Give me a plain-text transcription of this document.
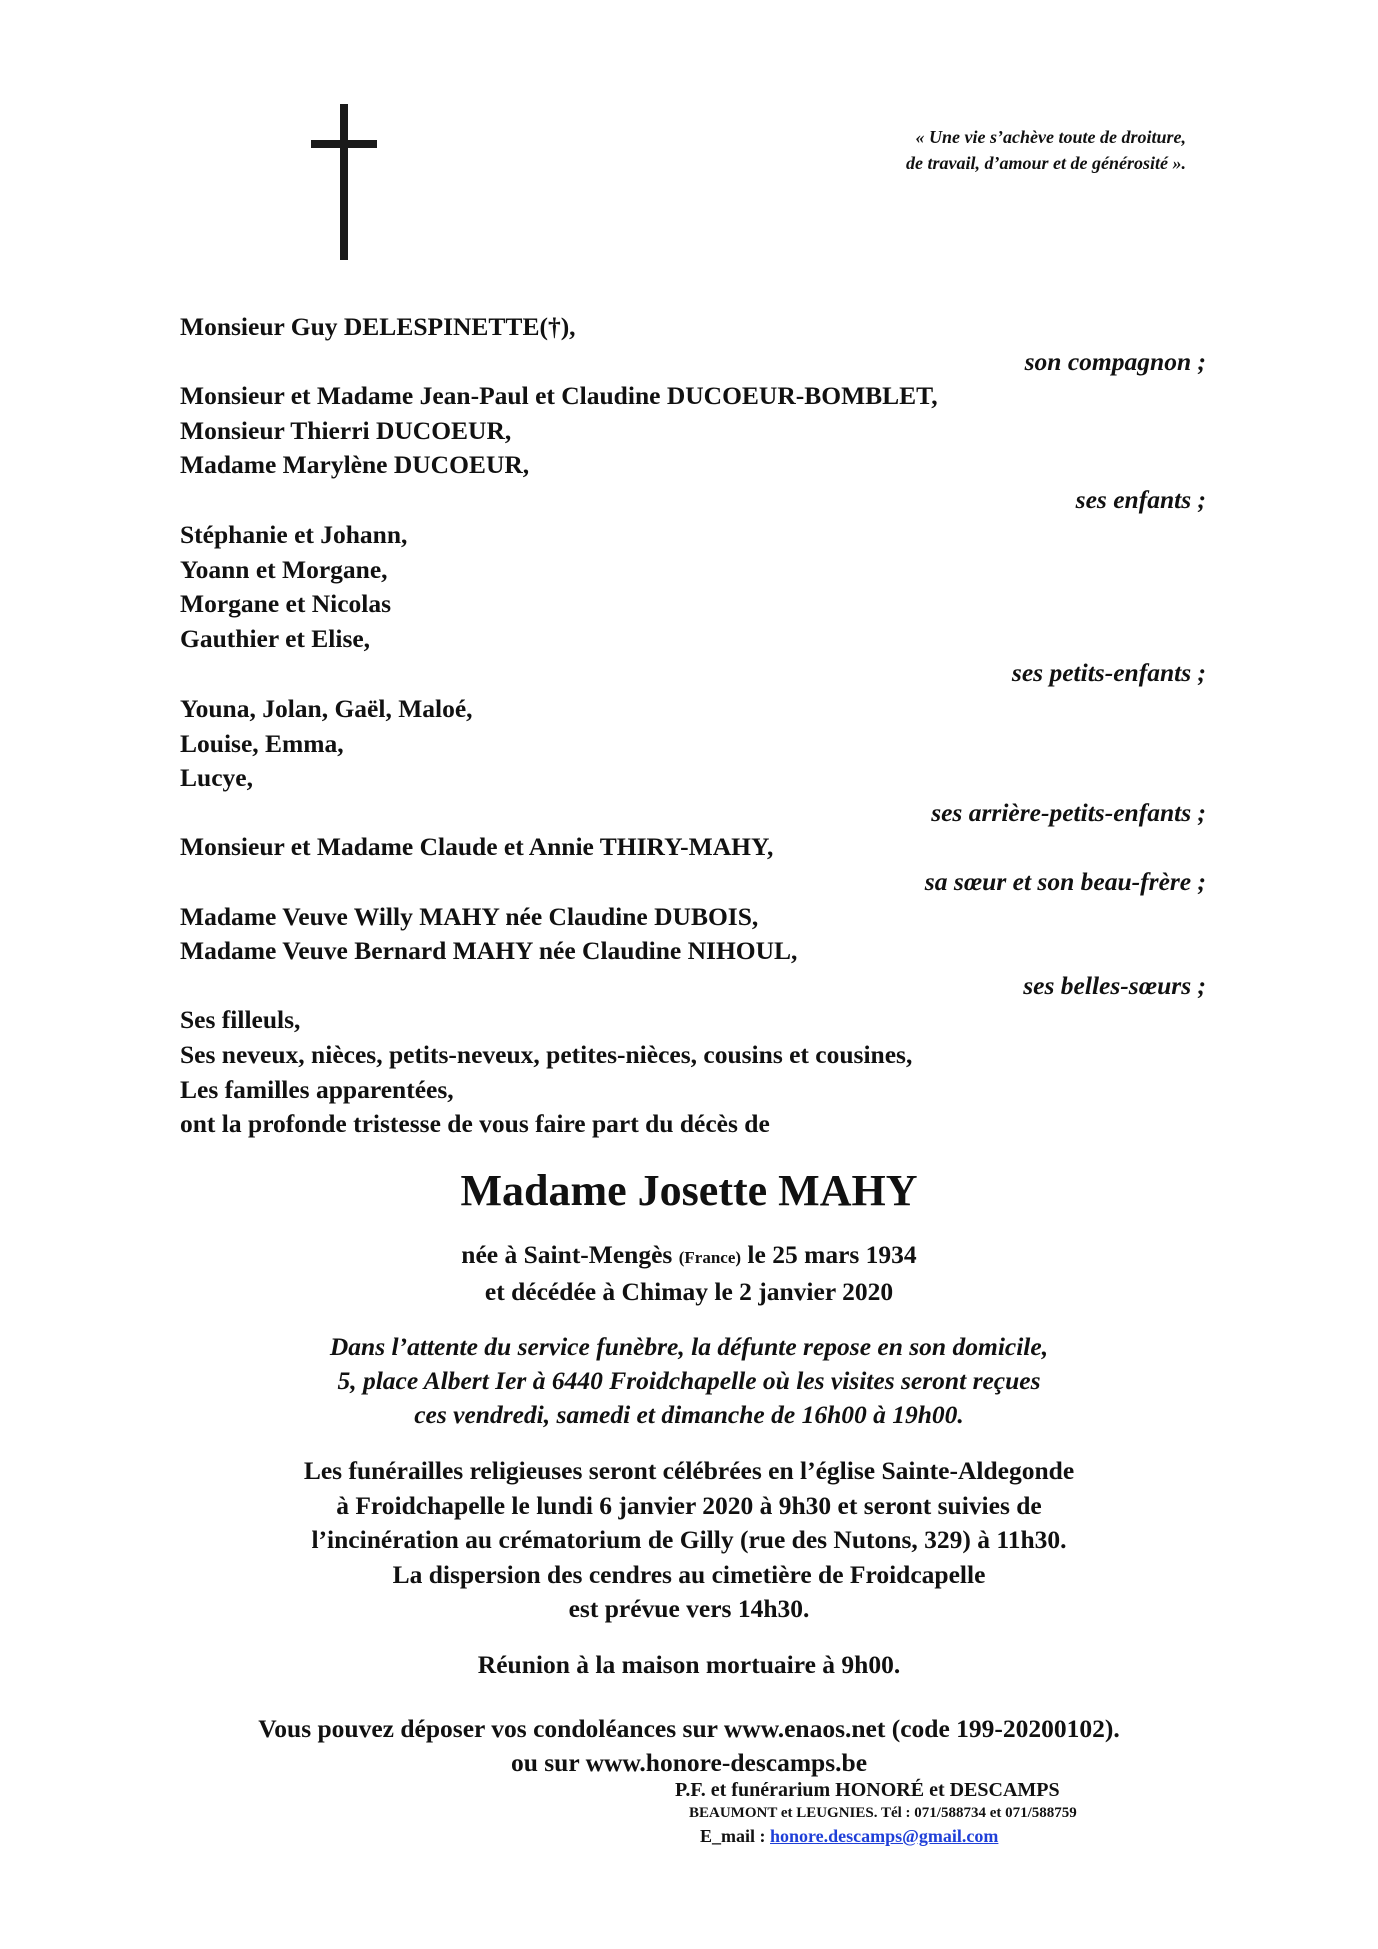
« Une vie s’achève toute de droiture,
de travail, d’amour et de générosité ».
Monsieur Guy DELESPINETTE(†),
son compagnon ;
Monsieur et Madame Jean-Paul et Claudine DUCOEUR-BOMBLET,
Monsieur Thierri DUCOEUR,
Madame Marylène DUCOEUR,
ses enfants ;
Stéphanie et Johann,
Yoann et Morgane,
Morgane et Nicolas
Gauthier et Elise,
ses petits-enfants ;
Youna, Jolan, Gaël, Maloé,
Louise, Emma,
Lucye,
ses arrière-petits-enfants ;
Monsieur et Madame Claude et Annie THIRY-MAHY,
sa sœur et son beau-frère ;
Madame Veuve Willy MAHY née Claudine DUBOIS,
Madame Veuve Bernard MAHY née Claudine NIHOUL,
ses belles-sœurs ;
Ses filleuls,
Ses neveux, nièces, petits-neveux, petites-nièces, cousins et cousines,
Les familles apparentées,
ont la profonde tristesse de vous faire part du décès de
Madame Josette MAHY
née à Saint-Mengès (France) le 25 mars 1934
et décédée à Chimay le 2 janvier 2020
Dans l’attente du service funèbre, la défunte repose en son domicile,
5, place Albert Ier à 6440 Froidchapelle où les visites seront reçues
ces vendredi, samedi et dimanche de 16h00 à 19h00.
Les funérailles religieuses seront célébrées en l’église Sainte-Aldegonde
à Froidchapelle le lundi 6 janvier 2020 à 9h30 et seront suivies de
l’incinération au crématorium de Gilly (rue des Nutons, 329) à 11h30.
La dispersion des cendres au cimetière de Froidcapelle
est prévue vers 14h30.
Réunion à la maison mortuaire à 9h00.
Vous pouvez déposer vos condoléances sur www.enaos.net (code 199-20200102).
ou sur www.honore-descamps.be
P.F. et funérarium HONORÉ et DESCAMPS
BEAUMONT et LEUGNIES. Tél : 071/588734 et 071/588759
E_mail : honore.descamps@gmail.com
